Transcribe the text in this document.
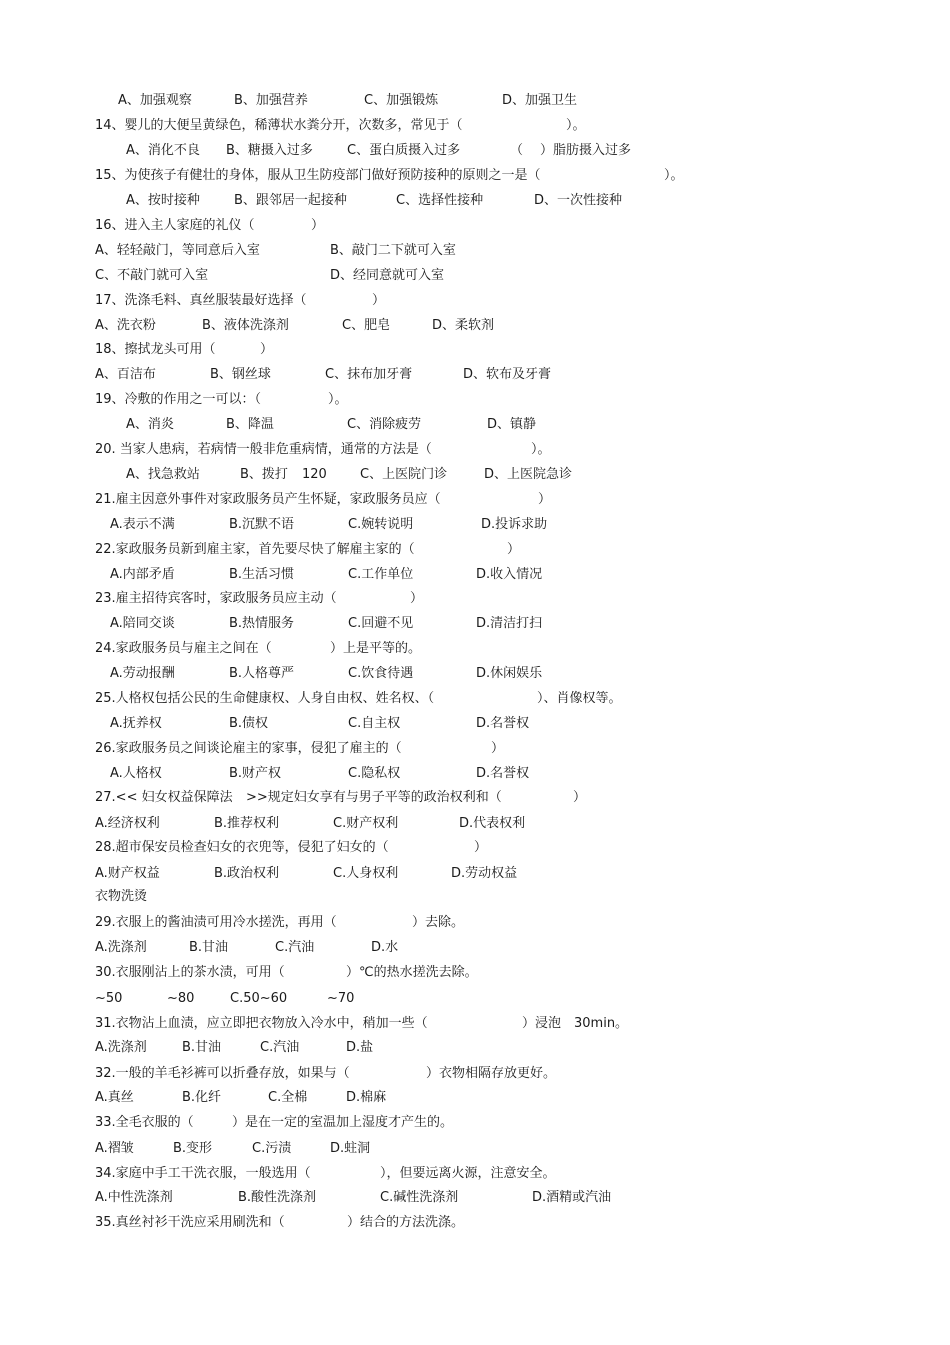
A、加强观察	B、加强营养	C、加强锻炼	D、加强卫生
14、婴儿的大便呈黄绿色，稀薄状水粪分开，次数多，常见于（	）。
A、消化不良 B、糖摄入过多	C、蛋白质摄入过多	（ ）脂肪摄入过多
15、为使孩子有健壮的身体，服从卫生防疫部门做好预防接种的原则之一是（	）。
A、按时接种	B、跟邻居一起接种	C、选择性接种	D、一次性接种
16、进入主人家庭的礼仪（	）
A、轻轻敲门，等同意后入室	B、敲门二下就可入室
C、不敲门就可入室	D、经同意就可入室
17、洗涤毛料、真丝服装最好选择（	）
A、洗衣粉	B、液体洗涤剂	C、肥皂	D、柔软剂
18、擦拭龙头可用（	）
A、百洁布	B、钢丝球	C、抹布加牙膏	D、软布及牙膏
19、冷敷的作用之一可以：（	）。
A、消炎	B、降温	C、消除疲劳	D、镇静
20. 当家人患病，若病情一般非危重病情，通常的方法是（	）。
A、找急救站	B、拨打 120	C、上医院门诊	D、上医院急诊
21.雇主因意外事件对家政服务员产生怀疑，家政服务员应（	）
A.表示不满	B.沉默不语	C.婉转说明	D.投诉求助
22.家政服务员新到雇主家，首先要尽快了解雇主家的（	）
A.内部矛盾	B.生活习惯	C.工作单位	D.收入情况
23.雇主招待宾客时，家政服务员应主动（	）
A.陪同交谈	B.热情服务	C.回避不见	D.清洁打扫
24.家政服务员与雇主之间在（	）上是平等的。
A.劳动报酬	B.人格尊严	C.饮食待遇	D.休闲娱乐
25.人格权包括公民的生命健康权、人身自由权、姓名权、（	）、肖像权等。
A.抚养权	B.债权	C.自主权	D.名誉权
26.家政服务员之间谈论雇主的家事，侵犯了雇主的（	）
A.人格权	B.财产权	C.隐私权	D.名誉权
27.<< 妇女权益保障法 >>规定妇女享有与男子平等的政治权利和（	）
A.经济权利	B.推荐权利	C.财产权利	D.代表权利
28.超市保安员检查妇女的衣兜等，侵犯了妇女的（	）
A.财产权益	B.政治权利	C.人身权利	D.劳动权益
衣物洗烫
29.衣服上的酱油渍可用冷水搓洗，再用（	）去除。
A.洗涤剂	B.甘油	C.汽油	D.水
30.衣服刚沾上的茶水渍，可用（	）℃的热水搓洗去除。
~50	~80	C.50~60	~70
31.衣物沾上血渍，应立即把衣物放入冷水中，稍加一些（	）浸泡 30min。
A.洗涤剂	B.甘油	C.汽油	D.盐
32.一般的羊毛衫裤可以折叠存放，如果与（	）衣物相隔存放更好。
A.真丝	B.化纤	C.全棉	D.棉麻
33.全毛衣服的（	）是在一定的室温加上湿度才产生的。
A.褶皱	B.变形	C.污渍	D.蛀洞
34.家庭中手工干洗衣服，一般选用（	），但要远离火源，注意安全。
A.中性洗涤剂	B.酸性洗涤剂	C.碱性洗涤剂	D.酒精或汽油
35.真丝衬衫干洗应采用刷洗和（	）结合的方法洗涤。
